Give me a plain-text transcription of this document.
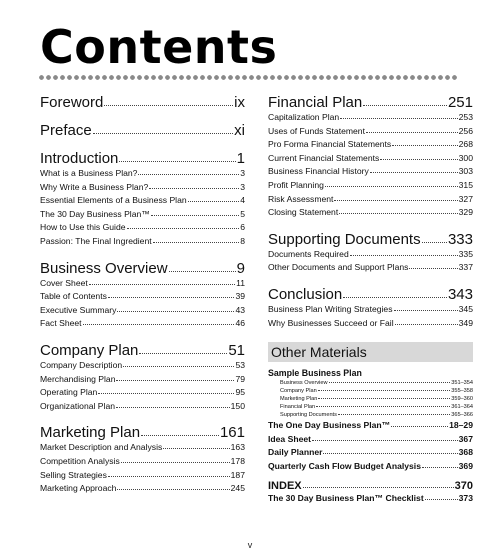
Contents
Foreword	ix
Preface	xi
Introduction	1
What is a Business Plan?	3
Why Write a Business Plan?	3
Essential Elements of a Business Plan	4
The 30 Day Business Plan™	5
How to Use this Guide	6
Passion: The Final Ingredient	8
Business Overview	9
Cover Sheet	11
Table of Contents	39
Executive Summary	43
Fact Sheet	46
Company Plan	51
Company Description	53
Merchandising Plan	79
Operating Plan	95
Organizational Plan	150
Marketing Plan	161
Market Description and Analysis	163
Competition Analysis	178
Selling Strategies	187
Marketing Approach	245
Financial Plan	251
Capitalization Plan	253
Uses of Funds Statement	256
Pro Forma Financial Statements	268
Current Financial Statements	300
Business Financial History	303
Profit Planning	315
Risk Assessment	327
Closing Statement	329
Supporting Documents 333
Documents Required	335
Other Documents and Support Plans	337
Conclusion	343
Business Plan Writing Strategies	345
Why Businesses Succeed or Fail	349
Other Materials
Sample Business Plan
Business Overview	351–354
Company Plan	355–358
Marketing Plan	359–360
Financial Plan	361–364
Supporting Documents	365–366
The One Day Business Plan™	18–29
Idea Sheet	367
Daily Planner	368
Quarterly Cash Flow Budget Analysis	369
INDEX	370
The 30 Day Business Plan™ Checklist	373
v
